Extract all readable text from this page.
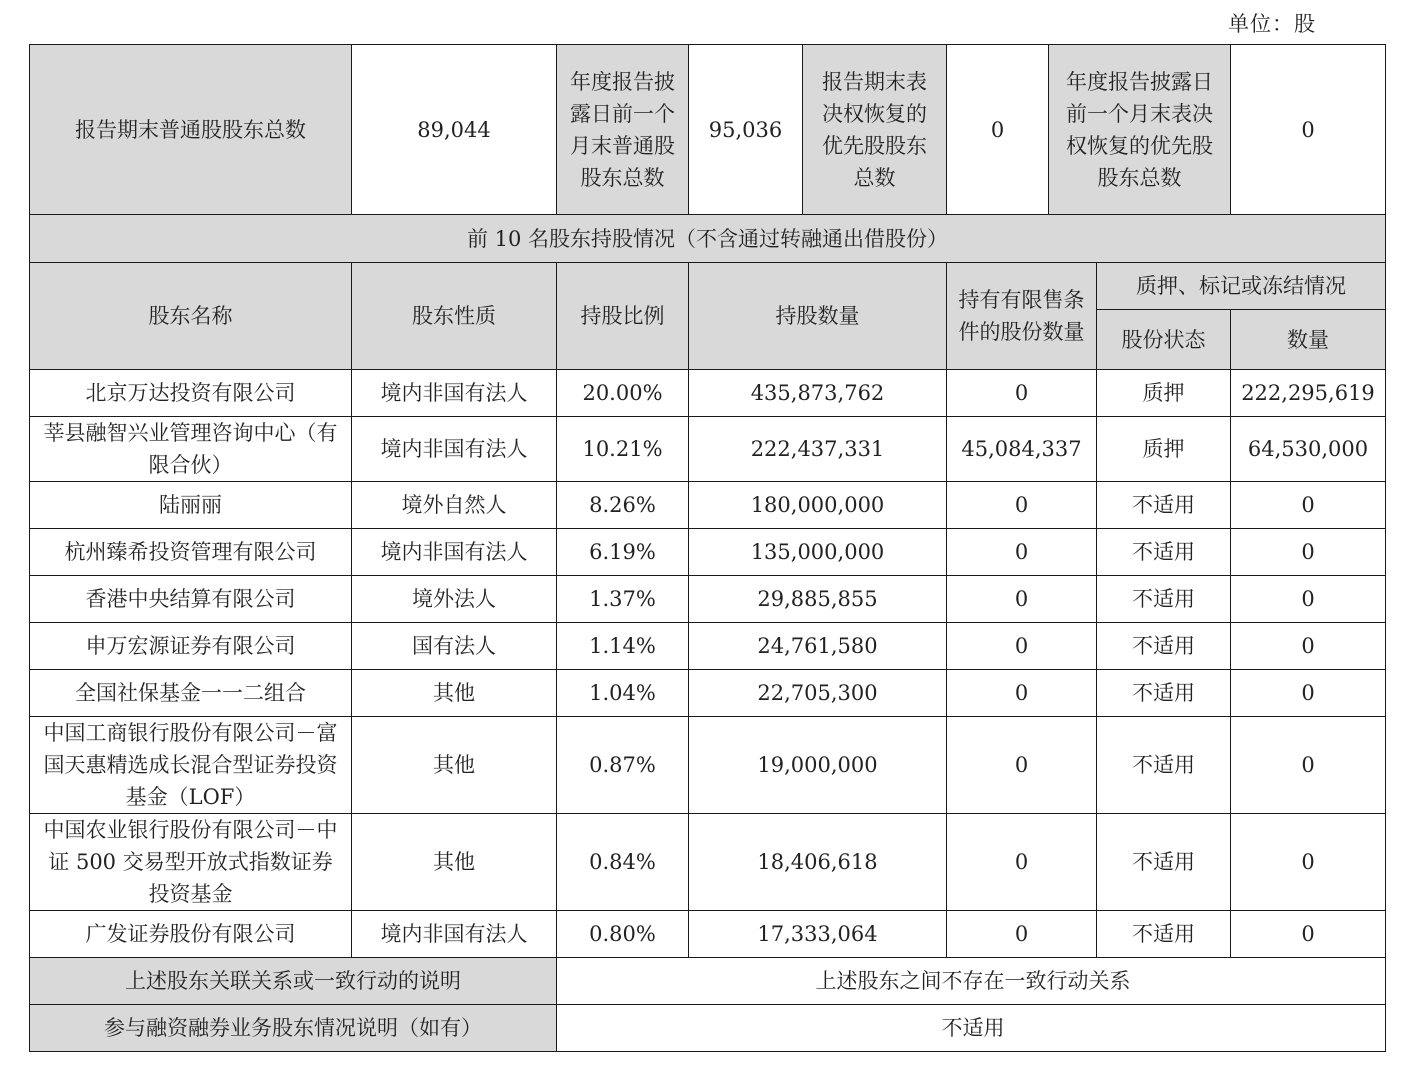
单位：股
报告期末普通股股东总数	89,044	年度报告披露日前一个月末普通股股东总数	95,036	报告期末表决权恢复的优先股股东总数	0	年度报告披露日前一个月末表决权恢复的优先股股东总数		0
前 10 名股东持股情况（不含通过转融通出借股份）								
股东名称	股东性质	持股比例	持股数量		持有有限售条件的股份数量		质押、标记或冻结情况	
							股份状态	数量
北京万达投资有限公司	境内非国有法人	20.00%	435,873,762		0		质押	222,295,619
莘县融智兴业管理咨询中心（有限合伙）	境内非国有法人	10.21%	222,437,331		45,084,337		质押	64,530,000
陆丽丽	境外自然人	8.26%	180,000,000		0		不适用	0
杭州臻希投资管理有限公司	境内非国有法人	6.19%	135,000,000		0		不适用	0
香港中央结算有限公司	境外法人	1.37%	29,885,855		0		不适用	0
申万宏源证券有限公司	国有法人	1.14%	24,761,580		0		不适用	0
全国社保基金一一二组合	其他	1.04%	22,705,300		0		不适用	0
中国工商银行股份有限公司－富国天惠精选成长混合型证券投资基金（LOF）	其他	0.87%	19,000,000		0		不适用	0
中国农业银行股份有限公司－中证 500 交易型开放式指数证券投资基金	其他	0.84%	18,406,618		0		不适用	0
广发证券股份有限公司	境内非国有法人	0.80%	17,333,064		0		不适用	0
上述股东关联关系或一致行动的说明		上述股东之间不存在一致行动关系						
参与融资融券业务股东情况说明（如有）		不适用						
